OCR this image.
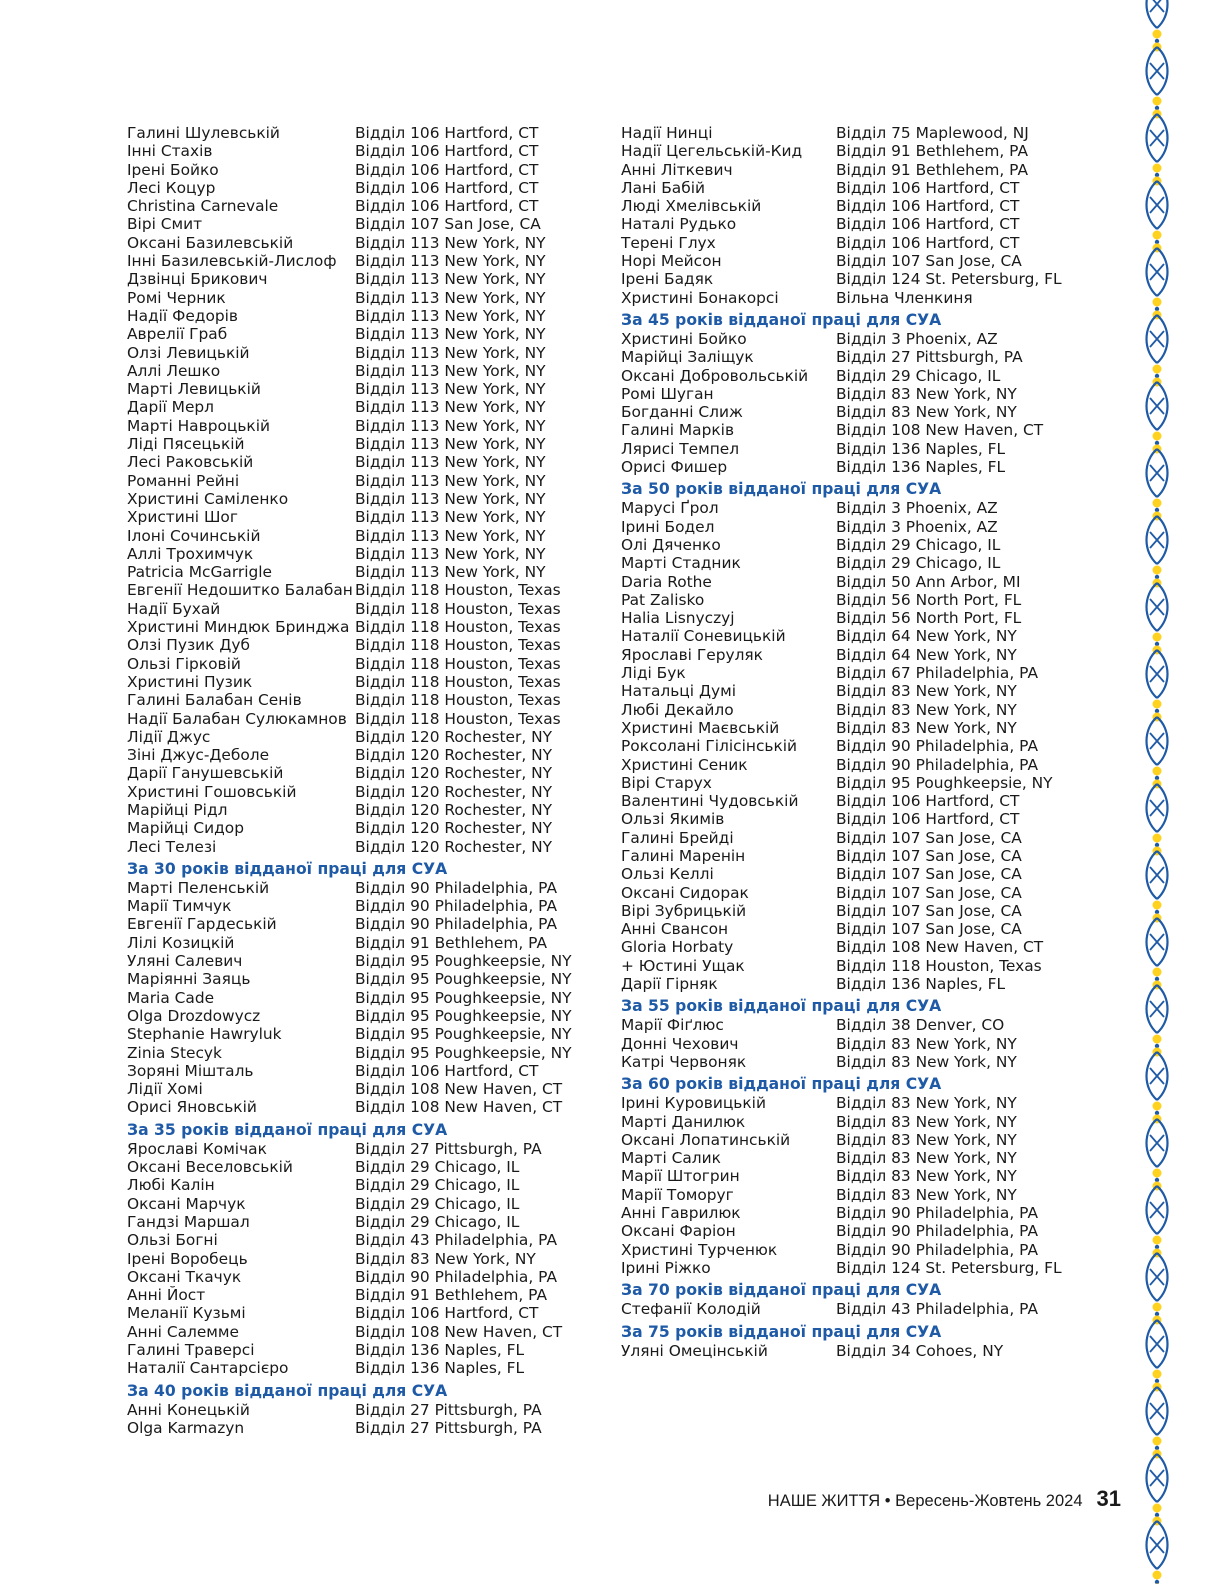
Галині Шулевській	Відділ 106 Hartford, CT
Інні Стахів	Відділ 106 Hartford, CT
Ірені Бойко	Відділ 106 Hartford, CT
Лесі Коцур	Відділ 106 Hartford, CT
Christina Carnevale	Відділ 106 Hartford, CT
Вірі Смит	Відділ 107 San Jose, CA
Оксані Базилевській	Відділ 113 New York, NY
Інні Базилевській-Лислоф	Відділ 113 New York, NY
Дзвінці Брикович	Відділ 113 New York, NY
Ромі Черник	Відділ 113 New York, NY
Надії Федорів	Відділ 113 New York, NY
Авреліï Граб	Відділ 113 New York, NY
Олзі Левицькій	Відділ 113 New York, NY
Аллі Лешко	Відділ 113 New York, NY
Марті Левицькій	Відділ 113 New York, NY
Дарії Мерл	Відділ 113 New York, NY
Марті Навроцькій	Відділ 113 New York, NY
Ліді Пясецькій	Відділ 113 New York, NY
Лесі Раковській	Відділ 113 New York, NY
Романні Рейні	Відділ 113 New York, NY
Христині Саміленко	Відділ 113 New York, NY
Христині Шог	Відділ 113 New York, NY
Ілоні Сочинській	Відділ 113 New York, NY
Аллі Трохимчук	Відділ 113 New York, NY
Patricia McGarrigle	Відділ 113 New York, NY
Евгенії Недошитко Балабан Відділ 118 Houston, Texas
Надії Бухай	Відділ 118 Houston, Texas
Христині Миндюк Бринджа Відділ 118 Houston, Texas
Олзі Пузик Дуб	Відділ 118 Houston, Texas
Ользі Гірковій	Відділ 118 Houston, Texas
Христині Пузик	Відділ 118 Houston, Texas
Галині Балабан Сенів	Відділ 118 Houston, Texas
Надії Балабан Сулюкамнов Відділ 118 Houston, Texas
Лідії Джус	Відділ 120 Rochester, NY
Зіні Джус-Деболе	Відділ 120 Rochester, NY
Дарії Ганушевській	Відділ 120 Rochester, NY
Христині Гошовській	Відділ 120 Rochester, NY
Марійці Рідл	Відділ 120 Rochester, NY
Марійці Сидор	Відділ 120 Rochester, NY
Лесі Телезі	Відділ 120 Rochester, NY
За 30 років відданої праці для СУА
Марті Пеленській	Відділ 90 Philadelphia, PA
Марії Тимчук	Відділ 90 Philadelphia, PA
Евгенії Гардеській	Відділ 90 Philadelphia, PA
Лілі Козицкій	Відділ 91 Bethlehem, PA
Уляні Салевич	Відділ 95 Poughkeepsie, NY
Маріянні Заяць	Відділ 95 Poughkeepsie, NY
Maria Cade	Відділ 95 Poughkeepsie, NY
Olga Drozdowycz	Відділ 95 Poughkeepsie, NY
Stephanie Hawryluk	Відділ 95 Poughkeepsie, NY
Zinia Stecyk	Відділ 95 Poughkeepsie, NY
Зоряні Мішталь	Відділ 106 Hartford, CT
Лідії Хомі	Відділ 108 New Haven, CT
Орисі Яновській	Відділ 108 New Haven, CT
За 35 років відданої праці для СУА
Ярославі Комічак	Відділ 27 Pittsburgh, PA
Оксані Веселовській	Відділ 29 Chicago, IL
Любі Калін	Відділ 29 Chicago, IL
Оксані Марчук	Відділ 29 Chicago, IL
Гандзі Маршал	Відділ 29 Chicago, IL
Ользі Богні	Відділ 43 Philadelphia, PA
Ірені Воробець	Відділ 83 New York, NY
Оксані Ткачук	Відділ 90 Philadelphia, PA
Анні Йост	Відділ 91 Bethlehem, PA
Меланії Кузьмі	Відділ 106 Hartford, CT
Анні Салемме	Відділ 108 New Haven, CT
Галині Траверсі	Відділ 136 Naples, FL
Наталії Сантарсієро	Відділ 136 Naples, FL
За 40 років відданої праці для СУА
Анні Конецькій	Відділ 27 Pittsburgh, PA
Olga Karmazyn	Відділ 27 Pittsburgh, PA
Надії Нинці	Відділ 75 Maplewood, NJ
Надії Цегельській-Кид	Відділ 91 Bethlehem, PA
Анні Літкевич	Відділ 91 Bethlehem, PA
Лані Бабій	Відділ 106 Hartford, CT
Люді Хмелівській	Відділ 106 Hartford, CT
Наталі Рудько	Відділ 106 Hartford, CT
Терені Глух	Відділ 106 Hartford, CT
Норі Мейсон	Відділ 107 San Jose, CA
Ірені Бадяк	Відділ 124 St. Petersburg, FL
Христині Бонакорсі	Вільна Членкиня
За 45 років відданої праці для СУА
Христині Бойко	Відділ 3 Phoenix, AZ
Марійці Заліщук	Відділ 27 Pittsburgh, PA
Оксані Добровольській	Відділ 29 Chicago, IL
Ромі Шуган	Відділ 83 New York, NY
Богданні Слиж	Відділ 83 New York, NY
Галині Марків	Відділ 108 New Haven, CT
Лярисі Темпел	Відділ 136 Naples, FL
Орисі Фишер	Відділ 136 Naples, FL
За 50 років відданої праці для СУА
Марусі Ґрол	Відділ 3 Phoenix, AZ
Ірині Бодел	Відділ 3 Phoenix, AZ
Олі Дяченко	Відділ 29 Chicago, IL
Марті Стадник	Відділ 29 Chicago, IL
Daria Rothe	Відділ 50 Ann Arbor, MI
Pat Zalisko	Відділ 56 North Port, FL
Halia Lisnyczyj	Відділ 56 North Port, FL
Наталії Соневицькій	Відділ 64 New York, NY
Ярославі Геруляк	Відділ 64 New York, NY
Ліді Бук	Відділ 67 Philadelphia, PA
Натальці Думі	Відділ 83 New York, NY
Любі Декайло	Відділ 83 New York, NY
Христині Маєвській	Відділ 83 New York, NY
Роксолані Гілісінській	Відділ 90 Philadelphia, PA
Христині Сеник	Відділ 90 Philadelphia, PA
Вірі Старух	Відділ 95 Poughkeepsie, NY
Валентині Чудовській	Відділ 106 Hartford, CT
Ользі Якимів	Відділ 106 Hartford, CT
Галині Брейді	Відділ 107 San Jose, CA
Галині Маренін	Відділ 107 San Jose, CA
Ользі Келлі	Відділ 107 San Jose, CA
Оксані Сидорак	Відділ 107 San Jose, CA
Вірі Зубрицькій	Відділ 107 San Jose, CA
Анні Свансон	Відділ 107 San Jose, CA
Gloria Horbaty	Відділ 108 New Haven, CT
+ Юстині Ущак	Відділ 118 Houston, Texas
Дарії Гірняк	Відділ 136 Naples, FL
За 55 років відданої праці для СУА
Марії Фіґлюс	Відділ 38 Denver, CO
Донні Чехович	Відділ 83 New York, NY
Катрі Червоняк	Відділ 83 New York, NY
За 60 років відданої праці для СУА
Ірині Куровицькій	Відділ 83 New York, NY
Марті Данилюк	Відділ 83 New York, NY
Оксані Лопатинській	Відділ 83 New York, NY
Марті Салик	Відділ 83 New York, NY
Марії Штогрин	Відділ 83 New York, NY
Марії Томоруг	Відділ 83 New York, NY
Анні Гаврилюк	Відділ 90 Philadelphia, PA
Оксані Фаріон	Відділ 90 Philadelphia, PA
Христині Турченюк	Відділ 90 Philadelphia, PA
Ірині Ріжко	Відділ 124 St. Petersburg, FL
За 70 років відданої праці для СУА
Стефанії Колодій	Відділ 43 Philadelphia, PA
За 75 років відданої праці для СУА
Уляні Омецінській	Відділ 34 Cohoes, NY
НАШЕ ЖИТТЯ • Вересень-Жовтень 2024 31
